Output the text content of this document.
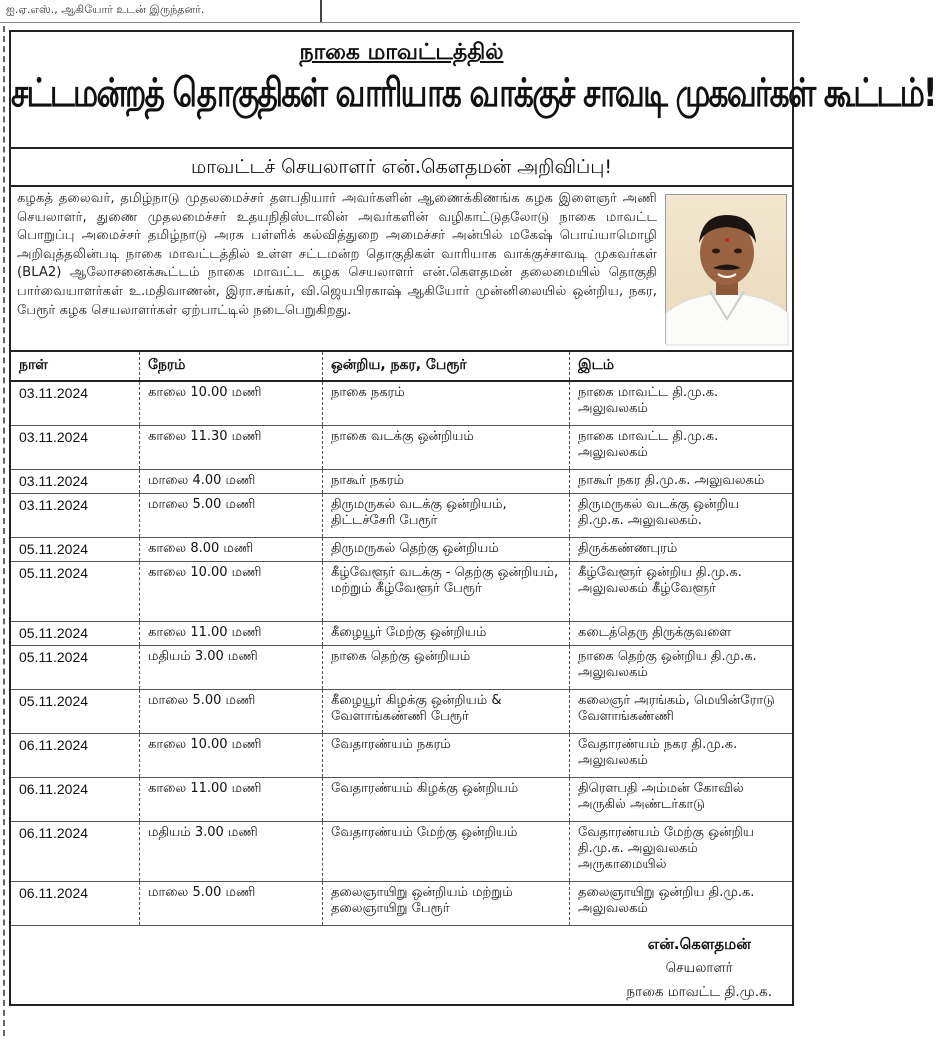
ஐ.ஏ.எஸ்., ஆகியோர் உடன் இருந்தனர்.
நாகை மாவட்டத்தில்
சட்டமன்றத் தொகுதிகள் வாரியாக வாக்குச் சாவடி முகவர்கள் கூட்டம்!
மாவட்டச் செயலாளர் என்.கௌதமன் அறிவிப்பு!
கழகத் தலைவர், தமிழ்நாடு முதலமைச்சர் தளபதியார் அவர்களின் ஆணைக்கிணங்க கழக இளைஞர் அணி செயலாளர், துணை முதலமைச்சர் உதயநிதிஸ்டாலின் அவர்களின் வழிகாட்டுதலோடு நாகை மாவட்ட பொறுப்பு அமைச்சர் தமிழ்நாடு அரசு பள்ளிக் கல்வித்துறை அமைச்சர் அன்பில் மகேஷ் பொய்யாமொழி அறிவுத்தலின்படி நாகை மாவட்டத்தில் உள்ள சட்டமன்ற தொகுதிகள் வாரியாக வாக்குச்சாவடி முகவர்கள் (BLA2) ஆலோசனைக்கூட்டம் நாகை மாவட்ட கழக செயலாளர் என்.கௌதமன் தலைமையில் தொகுதி பார்வையாளர்கள் உ.மதிவாணன், இரா.சங்கர், வி.ஜெயபிரகாஷ் ஆகியோர் முன்னிலையில் ஒன்றிய, நகர, பேரூர் கழக செயலாளர்கள் ஏற்பாட்டில் நடைபெறுகிறது.
நாள்	நேரம்	ஒன்றிய, நகர, பேரூர்	இடம்
03.11.2024	காலை 10.00 மணி	நாகை நகரம்	நாகை மாவட்ட தி.மு.க. அலுவலகம்
03.11.2024	காலை 11.30 மணி	நாகை வடக்கு ஒன்றியம்	நாகை மாவட்ட தி.மு.க. அலுவலகம்
03.11.2024	மாலை 4.00 மணி	நாகூர் நகரம்	நாகூர் நகர தி.மு.க. அலுவலகம்
03.11.2024	மாலை 5.00 மணி	திருமருகல் வடக்கு ஒன்றியம், திட்டச்சேரி பேரூர்	திருமருகல் வடக்கு ஒன்றிய தி.மு.க. அலுவலகம்.
05.11.2024	காலை 8.00 மணி	திருமருகல் தெற்கு ஒன்றியம்	திருக்கண்ணபுரம்
05.11.2024	காலை 10.00 மணி	கீழ்வேளூர் வடக்கு - தெற்கு ஒன்றியம், மற்றும் கீழ்வேளூர் பேரூர்	கீழ்வேளூர் ஒன்றிய தி.மு.க. அலுவலகம் கீழ்வேளூர்
05.11.2024	காலை 11.00 மணி	கீழையூர் மேற்கு ஒன்றியம்	கடைத்தெரு திருக்குவளை
05.11.2024	மதியம் 3.00 மணி	நாகை தெற்கு ஒன்றியம்	நாகை தெற்கு ஒன்றிய தி.மு.க. அலுவலகம்
05.11.2024	மாலை 5.00 மணி	கீழையூர் கிழக்கு ஒன்றியம் & வேளாங்கண்ணி பேரூர்	கலைஞர் அரங்கம், மெயின்ரோடு வேளாங்கண்ணி
06.11.2024	காலை 10.00 மணி	வேதாரண்யம் நகரம்	வேதாரண்யம் நகர தி.மு.க. அலுவலகம்
06.11.2024	காலை 11.00 மணி	வேதாரண்யம் கிழக்கு ஒன்றியம்	திரௌபதி அம்மன் கோவில் அருகில் அண்டர்காடு
06.11.2024	மதியம் 3.00 மணி	வேதாரண்யம் மேற்கு ஒன்றியம்	வேதாரண்யம் மேற்கு ஒன்றிய தி.மு.க. அலுவலகம் அருகாமையில்
06.11.2024	மாலை 5.00 மணி	தலைஞாயிறு ஒன்றியம் மற்றும் தலைஞாயிறு பேரூர்	தலைஞாயிறு ஒன்றிய தி.மு.க. அலுவலகம்
என்.கௌதமன்
செயலாளர்
நாகை மாவட்ட தி.மு.க.
